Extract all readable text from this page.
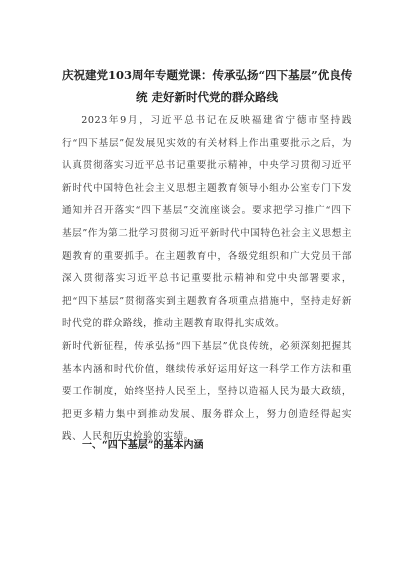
庆祝建党103周年专题党课：传承弘扬“四下基层”优良传
统 走好新时代党的群众路线

2023年9月，习近平总书记在反映福建省宁德市坚持践行“四下基层”促发展见实效的有关材料上作出重要批示之后，为认真贯彻落实习近平总书记重要批示精神，中央学习贯彻习近平新时代中国特色社会主义思想主题教育领导小组办公室专门下发通知并召开落实“四下基层”交流座谈会。要求把学习推广“四下基层”作为第二批学习贯彻习近平新时代中国特色社会主义思想主题教育的重要抓手。在主题教育中，各级党组织和广大党员干部深入贯彻落实习近平总书记重要批示精神和党中央部署要求，把“四下基层”贯彻落实到主题教育各项重点措施中，坚持走好新时代党的群众路线，推动主题教育取得扎实成效。

新时代新征程，传承弘扬“四下基层”优良传统，必须深刻把握其基本内涵和时代价值，继续传承好运用好这一科学工作方法和重要工作制度，始终坚持人民至上，坚持以造福人民为最大政绩，把更多精力集中到推动发展、服务群众上，努力创造经得起实践、人民和历史检验的实绩。

一、“四下基层”的基本内涵
